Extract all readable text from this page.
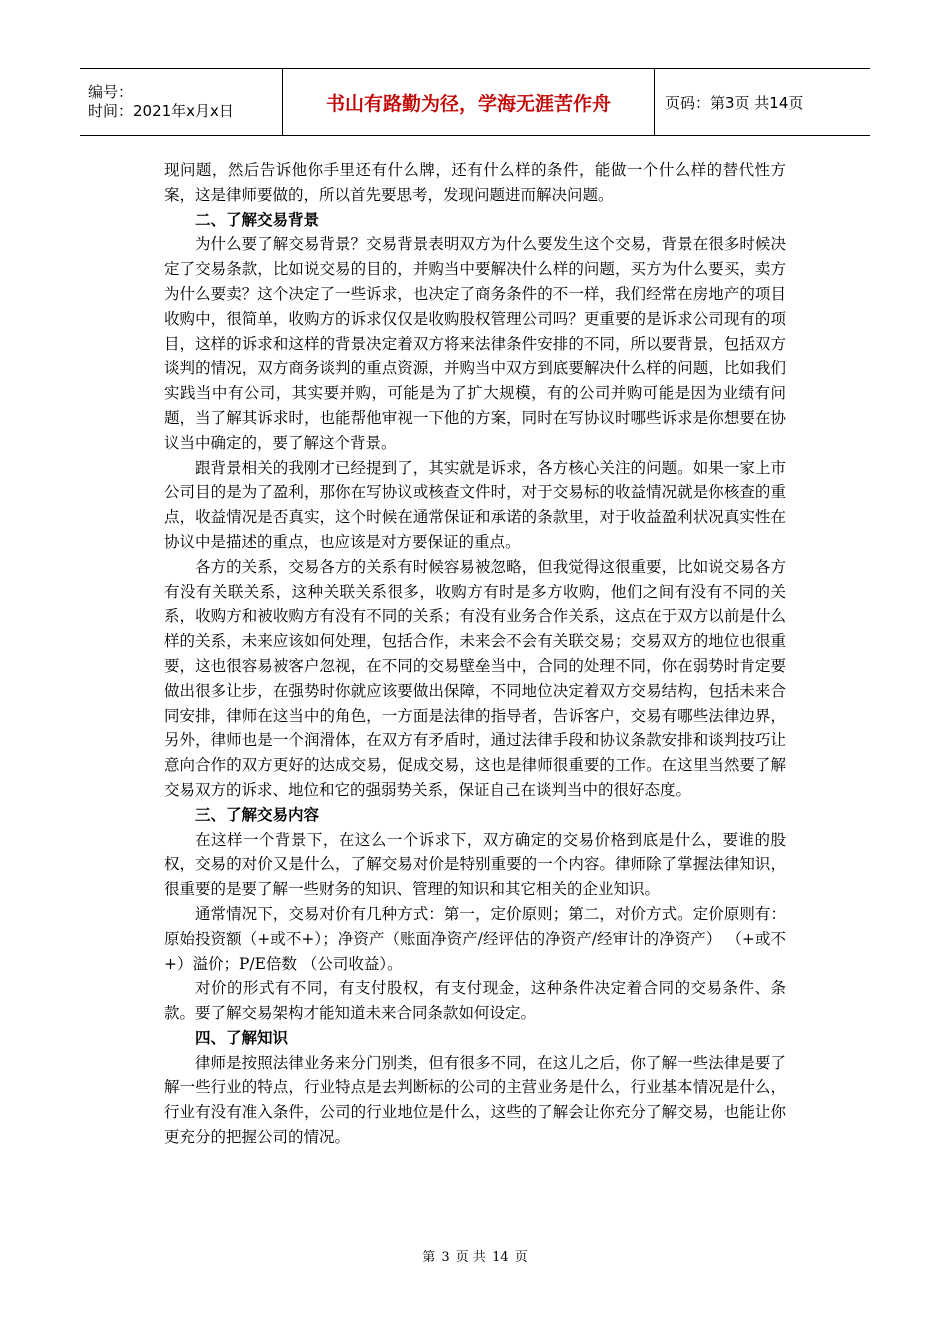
编号：
时间：2021年x月x日	书山有路勤为径，学海无涯苦作舟	页码：第3页 共14页

现问题，然后告诉他你手里还有什么牌，还有什么样的条件，能做一个什么样的替代性方案，这是律师要做的，所以首先要思考，发现问题进而解决问题。

二、了解交易背景

为什么要了解交易背景？交易背景表明双方为什么要发生这个交易，背景在很多时候决定了交易条款，比如说交易的目的，并购当中要解决什么样的问题，买方为什么要买，卖方为什么要卖？这个决定了一些诉求，也决定了商务条件的不一样，我们经常在房地产的项目收购中，很简单，收购方的诉求仅仅是收购股权管理公司吗？更重要的是诉求公司现有的项目，这样的诉求和这样的背景决定着双方将来法律条件安排的不同，所以要背景，包括双方谈判的情况，双方商务谈判的重点资源，并购当中双方到底要解决什么样的问题，比如我们实践当中有公司，其实要并购，可能是为了扩大规模，有的公司并购可能是因为业绩有问题，当了解其诉求时，也能帮他审视一下他的方案，同时在写协议时哪些诉求是你想要在协议当中确定的，要了解这个背景。

跟背景相关的我刚才已经提到了，其实就是诉求，各方核心关注的问题。如果一家上市公司目的是为了盈利，那你在写协议或核查文件时，对于交易标的收益情况就是你核查的重点，收益情况是否真实，这个时候在通常保证和承诺的条款里，对于收益盈利状况真实性在协议中是描述的重点，也应该是对方要保证的重点。

各方的关系，交易各方的关系有时候容易被忽略，但我觉得这很重要，比如说交易各方有没有关联关系，这种关联关系很多，收购方有时是多方收购，他们之间有没有不同的关系，收购方和被收购方有没有不同的关系；有没有业务合作关系，这点在于双方以前是什么样的关系，未来应该如何处理，包括合作，未来会不会有关联交易；交易双方的地位也很重要，这也很容易被客户忽视，在不同的交易壁垒当中，合同的处理不同，你在弱势时肯定要做出很多让步，在强势时你就应该要做出保障，不同地位决定着双方交易结构，包括未来合同安排，律师在这当中的角色，一方面是法律的指导者，告诉客户，交易有哪些法律边界，另外，律师也是一个润滑体，在双方有矛盾时，通过法律手段和协议条款安排和谈判技巧让意向合作的双方更好的达成交易，促成交易，这也是律师很重要的工作。在这里当然要了解交易双方的诉求、地位和它的强弱势关系，保证自己在谈判当中的很好态度。

三、了解交易内容

在这样一个背景下，在这么一个诉求下，双方确定的交易价格到底是什么，要谁的股权，交易的对价又是什么，了解交易对价是特别重要的一个内容。律师除了掌握法律知识，很重要的是要了解一些财务的知识、管理的知识和其它相关的企业知识。

通常情况下，交易对价有几种方式：第一，定价原则；第二，对价方式。定价原则有：原始投资额（+或不+）；净资产（账面净资产/经评估的净资产/经审计的净资产） （+或不+）溢价；P/E倍数 （公司收益）。

对价的形式有不同，有支付股权，有支付现金，这种条件决定着合同的交易条件、条款。要了解交易架构才能知道未来合同条款如何设定。

四、了解知识

律师是按照法律业务来分门别类，但有很多不同，在这儿之后，你了解一些法律是要了解一些行业的特点，行业特点是去判断标的公司的主营业务是什么，行业基本情况是什么，行业有没有准入条件，公司的行业地位是什么，这些的了解会让你充分了解交易，也能让你更充分的把握公司的情况。

第 3 页 共 14 页
